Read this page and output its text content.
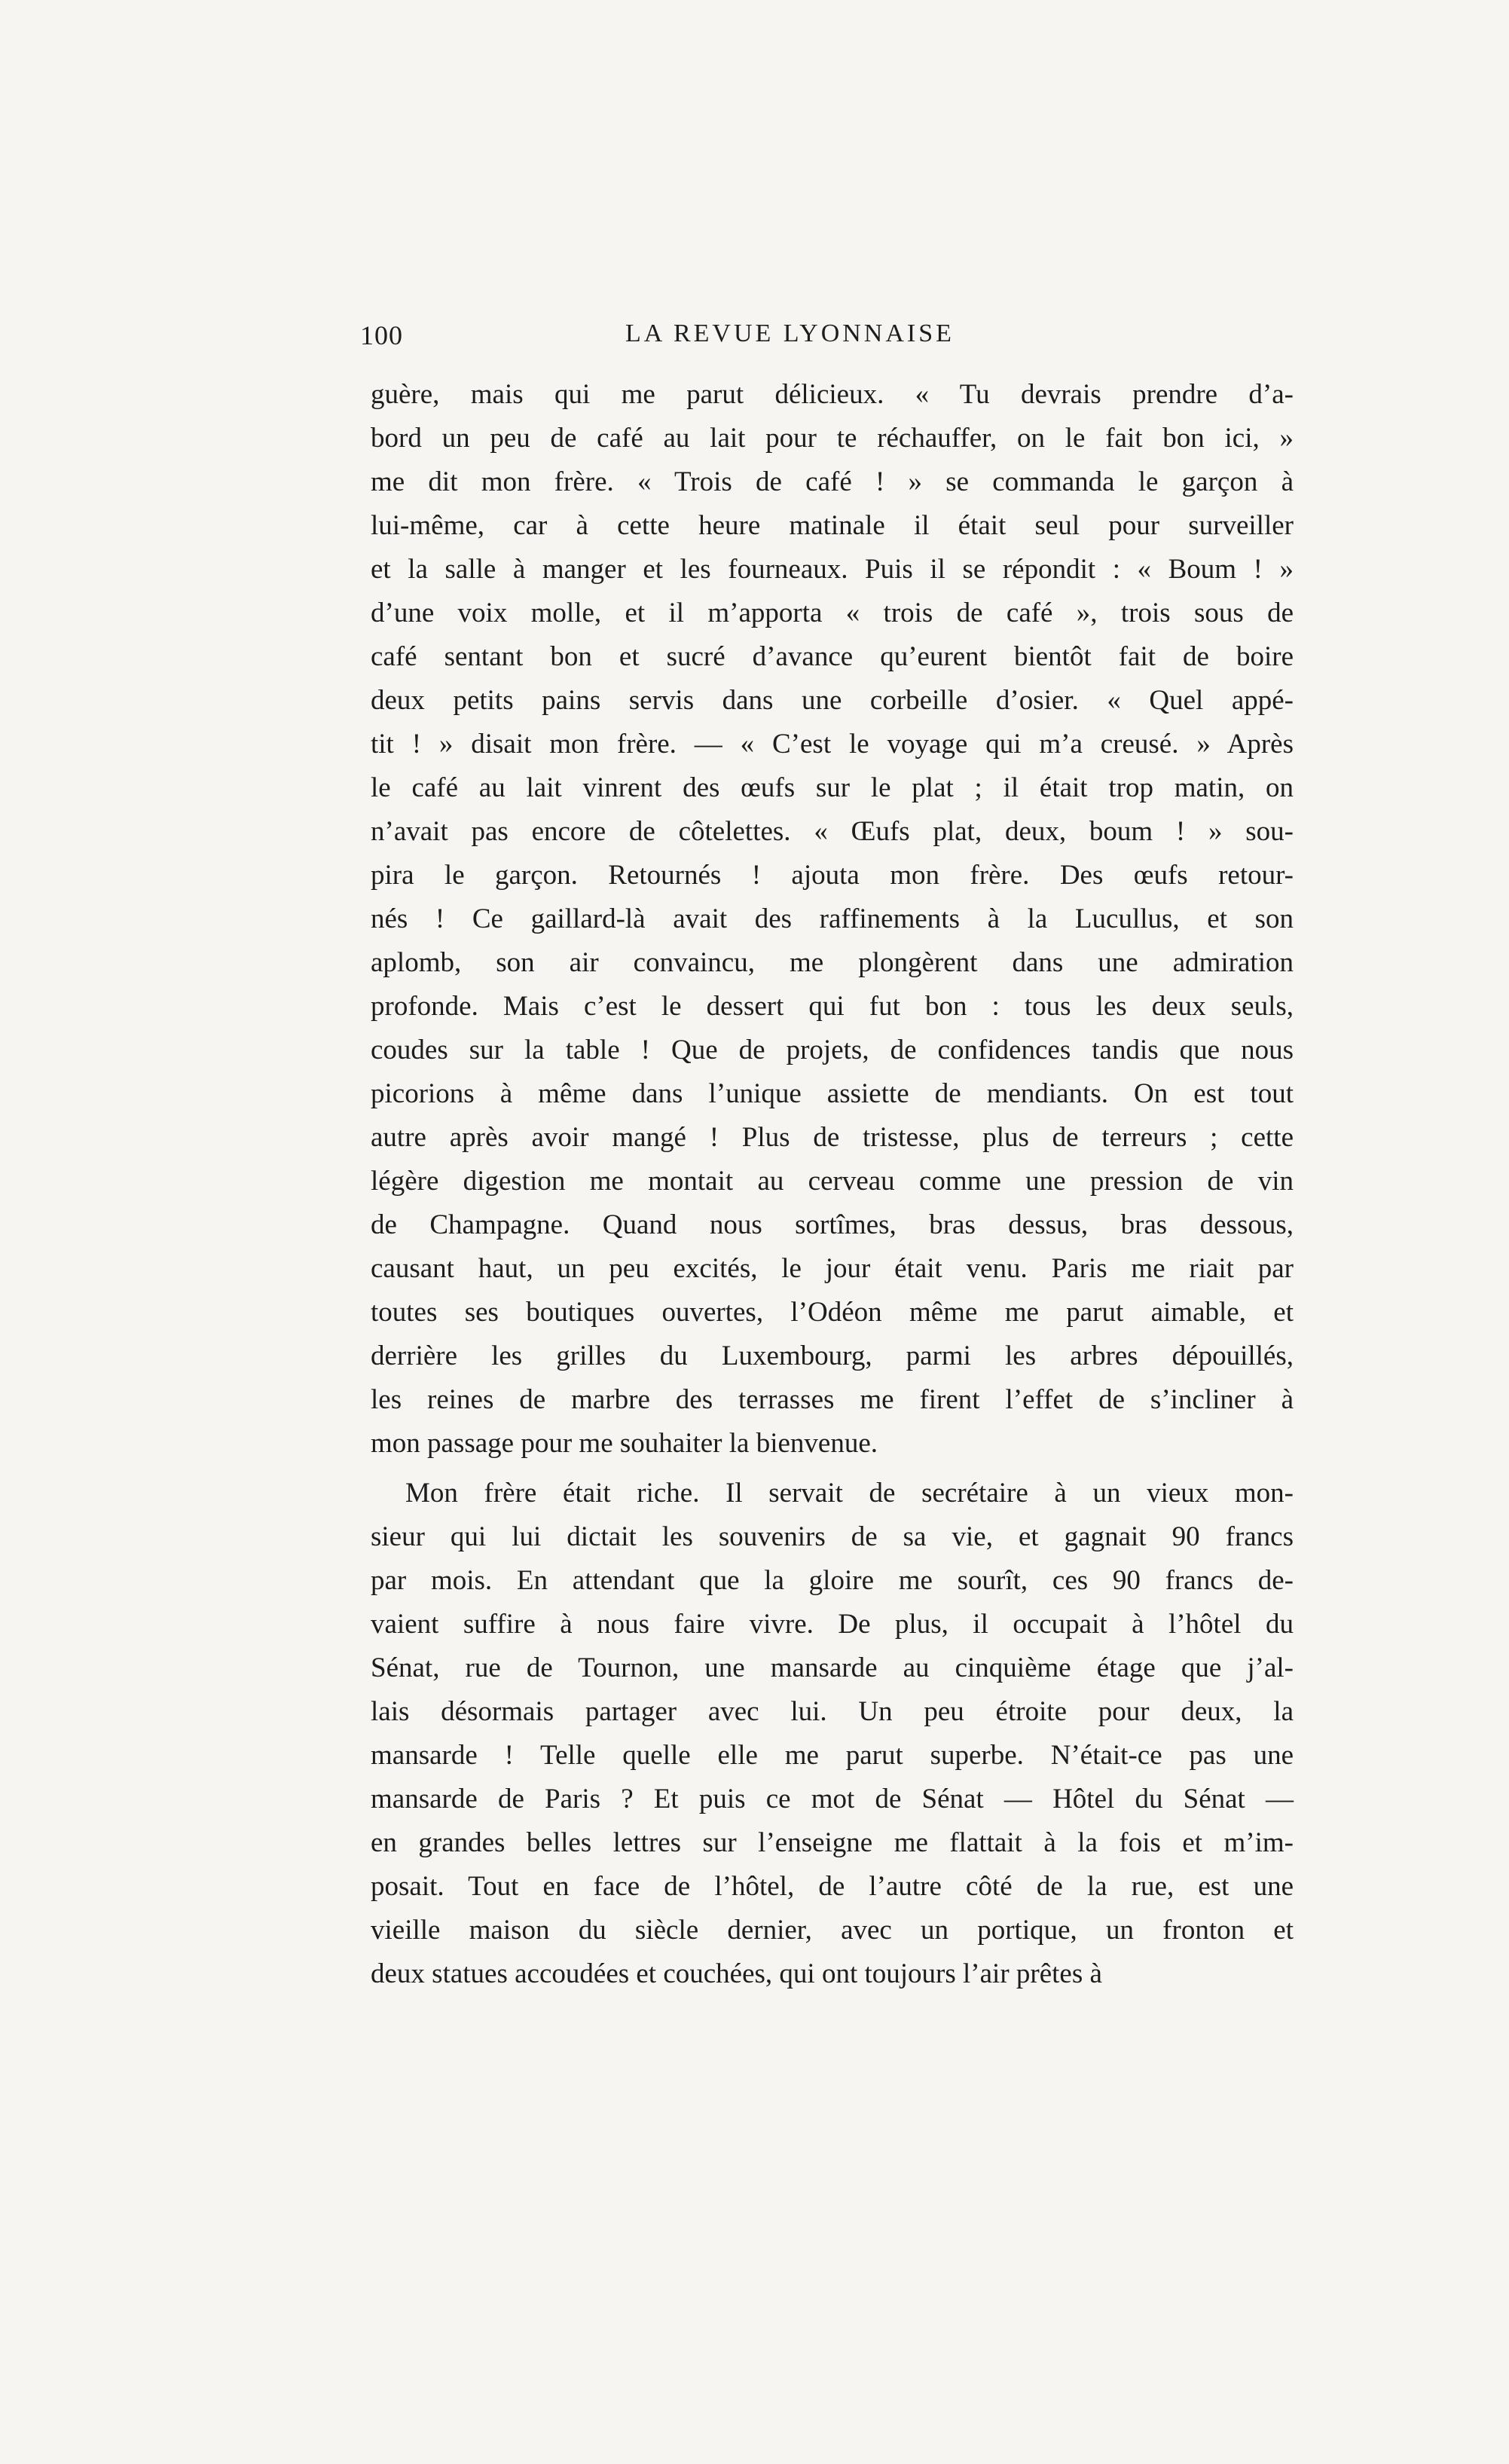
100	LA REVUE LYONNAISE
guère, mais qui me parut délicieux. « Tu devrais prendre d’a-
bord un peu de café au lait pour te réchauffer, on le fait bon ici, »
me dit mon frère. « Trois de café ! » se commanda le garçon à
lui-même, car à cette heure matinale il était seul pour surveiller
et la salle à manger et les fourneaux. Puis il se répondit : « Boum ! »
d’une voix molle, et il m’apporta « trois de café », trois sous de
café sentant bon et sucré d’avance qu’eurent bientôt fait de boire
deux petits pains servis dans une corbeille d’osier. « Quel appé-
tit ! » disait mon frère. — « C’est le voyage qui m’a creusé. » Après
le café au lait vinrent des œufs sur le plat ; il était trop matin, on
n’avait pas encore de côtelettes. « Œufs plat, deux, boum ! » sou-
pira le garçon. Retournés ! ajouta mon frère. Des œufs retour-
nés ! Ce gaillard-là avait des raffinements à la Lucullus, et son
aplomb, son air convaincu, me plongèrent dans une admiration
profonde. Mais c’est le dessert qui fut bon : tous les deux seuls,
coudes sur la table ! Que de projets, de confidences tandis que nous
picorions à même dans l’unique assiette de mendiants. On est tout
autre après avoir mangé ! Plus de tristesse, plus de terreurs ; cette
légère digestion me montait au cerveau comme une pression de vin
de Champagne. Quand nous sortîmes, bras dessus, bras dessous,
causant haut, un peu excités, le jour était venu. Paris me riait par
toutes ses boutiques ouvertes, l’Odéon même me parut aimable, et
derrière les grilles du Luxembourg, parmi les arbres dépouillés,
les reines de marbre des terrasses me firent l’effet de s’incliner à
mon passage pour me souhaiter la bienvenue.
Mon frère était riche. Il servait de secrétaire à un vieux mon-
sieur qui lui dictait les souvenirs de sa vie, et gagnait 90 francs
par mois. En attendant que la gloire me sourît, ces 90 francs de-
vaient suffire à nous faire vivre. De plus, il occupait à l’hôtel du
Sénat, rue de Tournon, une mansarde au cinquième étage que j’al-
lais désormais partager avec lui. Un peu étroite pour deux, la
mansarde ! Telle quelle elle me parut superbe. N’était-ce pas une
mansarde de Paris ? Et puis ce mot de Sénat — Hôtel du Sénat —
en grandes belles lettres sur l’enseigne me flattait à la fois et m’im-
posait. Tout en face de l’hôtel, de l’autre côté de la rue, est une
vieille maison du siècle dernier, avec un portique, un fronton et
deux statues accoudées et couchées, qui ont toujours l’air prêtes à
